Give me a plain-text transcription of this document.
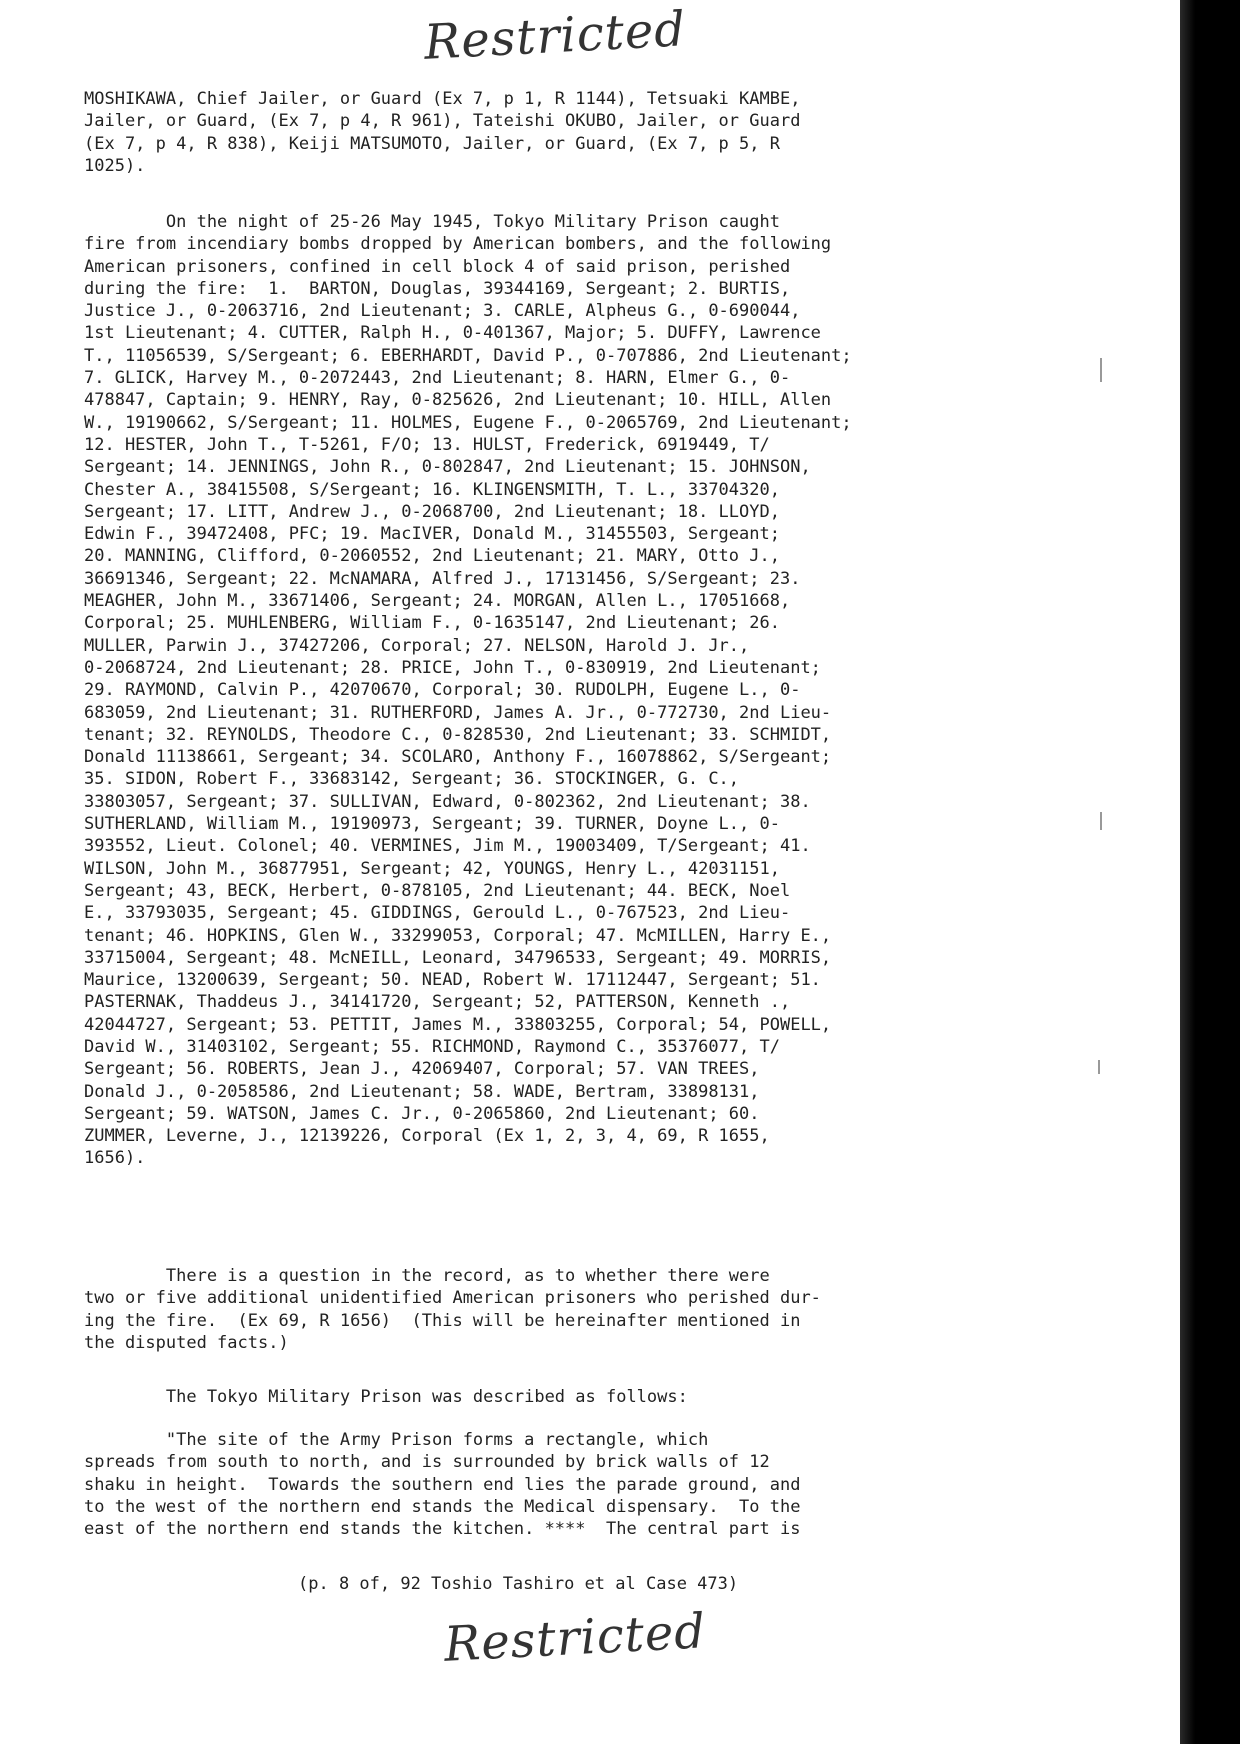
Restricted
MOSHIKAWA, Chief Jailer, or Guard (Ex 7, p 1, R 1144), Tetsuaki KAMBE,
Jailer, or Guard, (Ex 7, p 4, R 961), Tateishi OKUBO, Jailer, or Guard
(Ex 7, p 4, R 838), Keiji MATSUMOTO, Jailer, or Guard, (Ex 7, p 5, R
1025).
On the night of 25-26 May 1945, Tokyo Military Prison caught
fire from incendiary bombs dropped by American bombers, and the following
American prisoners, confined in cell block 4 of said prison, perished
during the fire:  1.  BARTON, Douglas, 39344169, Sergeant; 2. BURTIS,
Justice J., 0-2063716, 2nd Lieutenant; 3. CARLE, Alpheus G., 0-690044,
1st Lieutenant; 4. CUTTER, Ralph H., 0-401367, Major; 5. DUFFY, Lawrence
T., 11056539, S/Sergeant; 6. EBERHARDT, David P., 0-707886, 2nd Lieutenant;
7. GLICK, Harvey M., 0-2072443, 2nd Lieutenant; 8. HARN, Elmer G., 0-
478847, Captain; 9. HENRY, Ray, 0-825626, 2nd Lieutenant; 10. HILL, Allen
W., 19190662, S/Sergeant; 11. HOLMES, Eugene F., 0-2065769, 2nd Lieutenant;
12. HESTER, John T., T-5261, F/O; 13. HULST, Frederick, 6919449, T/
Sergeant; 14. JENNINGS, John R., 0-802847, 2nd Lieutenant; 15. JOHNSON,
Chester A., 38415508, S/Sergeant; 16. KLINGENSMITH, T. L., 33704320,
Sergeant; 17. LITT, Andrew J., 0-2068700, 2nd Lieutenant; 18. LLOYD,
Edwin F., 39472408, PFC; 19. MacIVER, Donald M., 31455503, Sergeant;
20. MANNING, Clifford, 0-2060552, 2nd Lieutenant; 21. MARY, Otto J.,
36691346, Sergeant; 22. McNAMARA, Alfred J., 17131456, S/Sergeant; 23.
MEAGHER, John M., 33671406, Sergeant; 24. MORGAN, Allen L., 17051668,
Corporal; 25. MUHLENBERG, William F., 0-1635147, 2nd Lieutenant; 26.
MULLER, Parwin J., 37427206, Corporal; 27. NELSON, Harold J. Jr.,
0-2068724, 2nd Lieutenant; 28. PRICE, John T., 0-830919, 2nd Lieutenant;
29. RAYMOND, Calvin P., 42070670, Corporal; 30. RUDOLPH, Eugene L., 0-
683059, 2nd Lieutenant; 31. RUTHERFORD, James A. Jr., 0-772730, 2nd Lieu-
tenant; 32. REYNOLDS, Theodore C., 0-828530, 2nd Lieutenant; 33. SCHMIDT,
Donald 11138661, Sergeant; 34. SCOLARO, Anthony F., 16078862, S/Sergeant;
35. SIDON, Robert F., 33683142, Sergeant; 36. STOCKINGER, G. C.,
33803057, Sergeant; 37. SULLIVAN, Edward, 0-802362, 2nd Lieutenant; 38.
SUTHERLAND, William M., 19190973, Sergeant; 39. TURNER, Doyne L., 0-
393552, Lieut. Colonel; 40. VERMINES, Jim M., 19003409, T/Sergeant; 41.
WILSON, John M., 36877951, Sergeant; 42, YOUNGS, Henry L., 42031151,
Sergeant; 43, BECK, Herbert, 0-878105, 2nd Lieutenant; 44. BECK, Noel
E., 33793035, Sergeant; 45. GIDDINGS, Gerould L., 0-767523, 2nd Lieu-
tenant; 46. HOPKINS, Glen W., 33299053, Corporal; 47. McMILLEN, Harry E.,
33715004, Sergeant; 48. McNEILL, Leonard, 34796533, Sergeant; 49. MORRIS,
Maurice, 13200639, Sergeant; 50. NEAD, Robert W. 17112447, Sergeant; 51.
PASTERNAK, Thaddeus J., 34141720, Sergeant; 52, PATTERSON, Kenneth .,
42044727, Sergeant; 53. PETTIT, James M., 33803255, Corporal; 54, POWELL,
David W., 31403102, Sergeant; 55. RICHMOND, Raymond C., 35376077, T/
Sergeant; 56. ROBERTS, Jean J., 42069407, Corporal; 57. VAN TREES,
Donald J., 0-2058586, 2nd Lieutenant; 58. WADE, Bertram, 33898131,
Sergeant; 59. WATSON, James C. Jr., 0-2065860, 2nd Lieutenant; 60.
ZUMMER, Leverne, J., 12139226, Corporal (Ex 1, 2, 3, 4, 69, R 1655,
1656).
There is a question in the record, as to whether there were
two or five additional unidentified American prisoners who perished dur-
ing the fire.  (Ex 69, R 1656)  (This will be hereinafter mentioned in
the disputed facts.)
The Tokyo Military Prison was described as follows:
"The site of the Army Prison forms a rectangle, which
spreads from south to north, and is surrounded by brick walls of 12
shaku in height.  Towards the southern end lies the parade ground, and
to the west of the northern end stands the Medical dispensary.  To the
east of the northern end stands the kitchen. ****  The central part is
(p. 8 of, 92 Toshio Tashiro et al Case 473)
Restricted
